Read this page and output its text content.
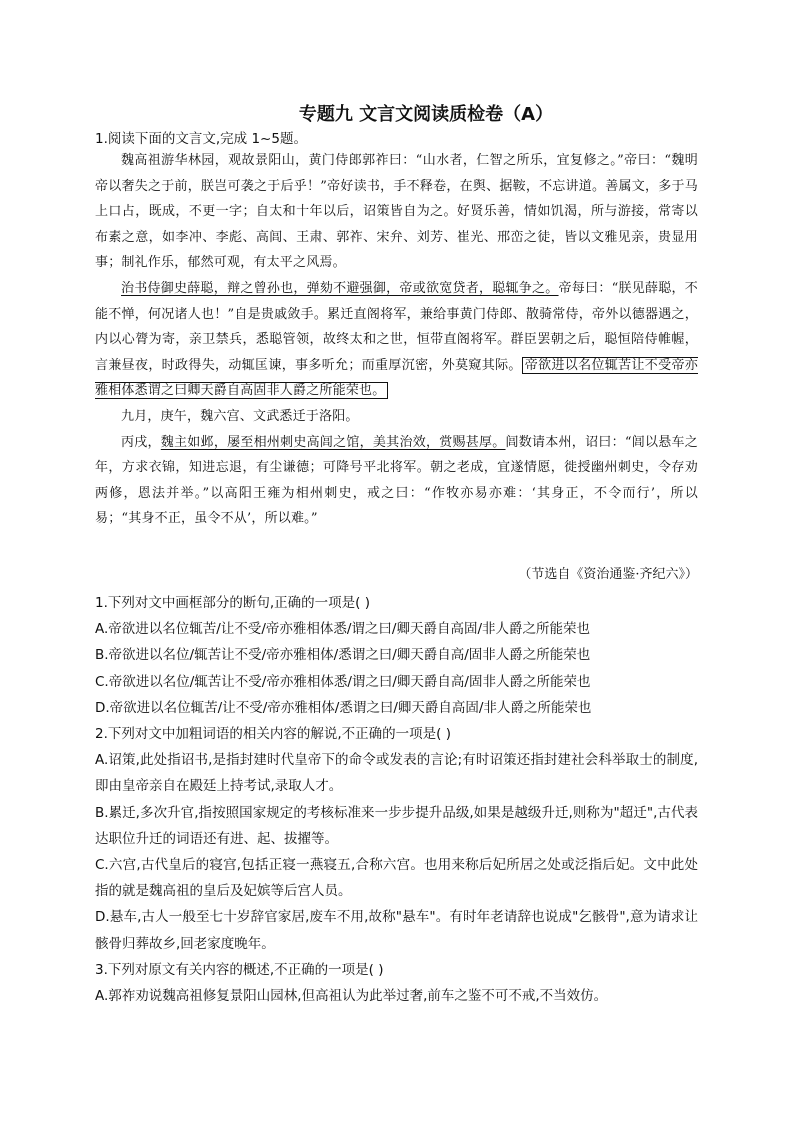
专题九 文言文阅读质检卷（A）
1.阅读下面的文言文,完成 1~5题。

魏高祖游华林园，观故景阳山，黄门侍郎郭祚曰：“山水者，仁智之所乐，宜复修之。”帝曰：“魏明帝以奢失之于前，朕岂可袭之于后乎！”帝好读书，手不释卷，在舆、据鞍，不忘讲道。善属文，多于马上口占，既成，不更一字；自太和十年以后，诏策皆自为之。好贤乐善，情如饥渴，所与游接，常寄以布素之意，如李冲、李彪、高闾、王肃、郭祚、宋弁、刘芳、崔光、邢峦之徒，皆以文雅见亲，贵显用事；制礼作乐，郁然可观，有太平之风焉。

治书侍御史薛聪，辩之曾孙也，弹劾不避强御，帝或欲宽贷者，聪辄争之。帝每曰：“朕见薛聪，不能不惮，何况诸人也！”自是贵戚敛手。累迁直阁将军，兼给事黄门侍郎、散骑常侍，帝外以德器遇之，内以心膂为寄，亲卫禁兵，悉聪管领，故终太和之世，恒带直阁将军。群臣罢朝之后，聪恒陪侍帷幄，言兼昼夜，时政得失，动辄匡谏，事多听允；而重厚沉密，外莫窥其际。 帝欲进以名位辄苦让不受帝亦雅相体悉谓之曰卿天爵自高固非人爵之所能荣也。

九月，庚午，魏六宫、文武悉迁于洛阳。

丙戌，魏主如邺，屡至相州刺史高闾之馆，美其治效，赏赐甚厚。闾数请本州，诏曰：“闾以悬车之年，方求衣锦，知进忘退，有尘谦德；可降号平北将军。朝之老成，宜遂情愿，徙授幽州刺史，令存劝两修，恩法并举。”以高阳王雍为相州刺史，戒之曰：“作牧亦易亦难：‘其身正，不令而行’，所以易；“其身不正，虽令不从’，所以难。”

（节选自《资治通鉴·齐纪六》）

1.下列对文中画框部分的断句,正确的一项是( )

A.帝欲进以名位辄苦/让不受/帝亦雅相体悉/谓之曰/卿天爵自高固/非人爵之所能荣也

B.帝欲进以名位/辄苦让不受/帝亦雅相体/悉谓之曰/卿天爵自高/固非人爵之所能荣也

C.帝欲进以名位/辄苦让不受/帝亦雅相体悉/谓之曰/卿天爵自高/固非人爵之所能荣也

D.帝欲进以名位辄苦/让不受/帝亦雅相体/悉谓之曰/卿天爵自高固/非人爵之所能荣也

2.下列对文中加粗词语的相关内容的解说,不正确的一项是( )

A.诏策,此处指诏书,是指封建时代皇帝下的命令或发表的言论;有时诏策还指封建社会科举取士的制度,即由皇帝亲自在殿廷上持考试,录取人才。

B.累迁,多次升官,指按照国家规定的考核标准来一步步提升品级,如果是越级升迁,则称为"超迁",古代表达职位升迁的词语还有进、起、拔擢等。

C.六宫,古代皇后的寝宫,包括正寝一燕寝五,合称六宫。也用来称后妃所居之处或泛指后妃。文中此处指的就是魏高祖的皇后及妃嫔等后宫人员。

D.悬车,古人一般至七十岁辞官家居,废车不用,故称"悬车"。有时年老请辞也说成"乞骸骨",意为请求让骸骨归葬故乡,回老家度晚年。

3.下列对原文有关内容的概述,不正确的一项是( )

A.郭祚劝说魏高祖修复景阳山园林,但高祖认为此举过奢,前车之鉴不可不戒,不当效仿。
